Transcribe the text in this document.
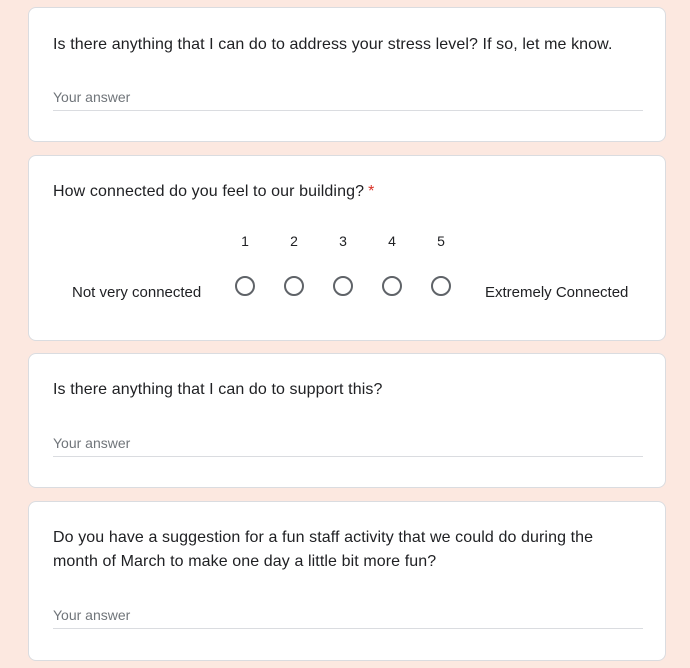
Is there anything that I can do to address your stress level? If so, let me know.
Your answer
How connected do you feel to our building? *
1	2	3	4	5
Not very connected	Extremely Connected
Is there anything that I can do to support this?
Your answer
Do you have a suggestion for a fun staff activity that we could do during the month of March to make one day a little bit more fun?
Your answer
